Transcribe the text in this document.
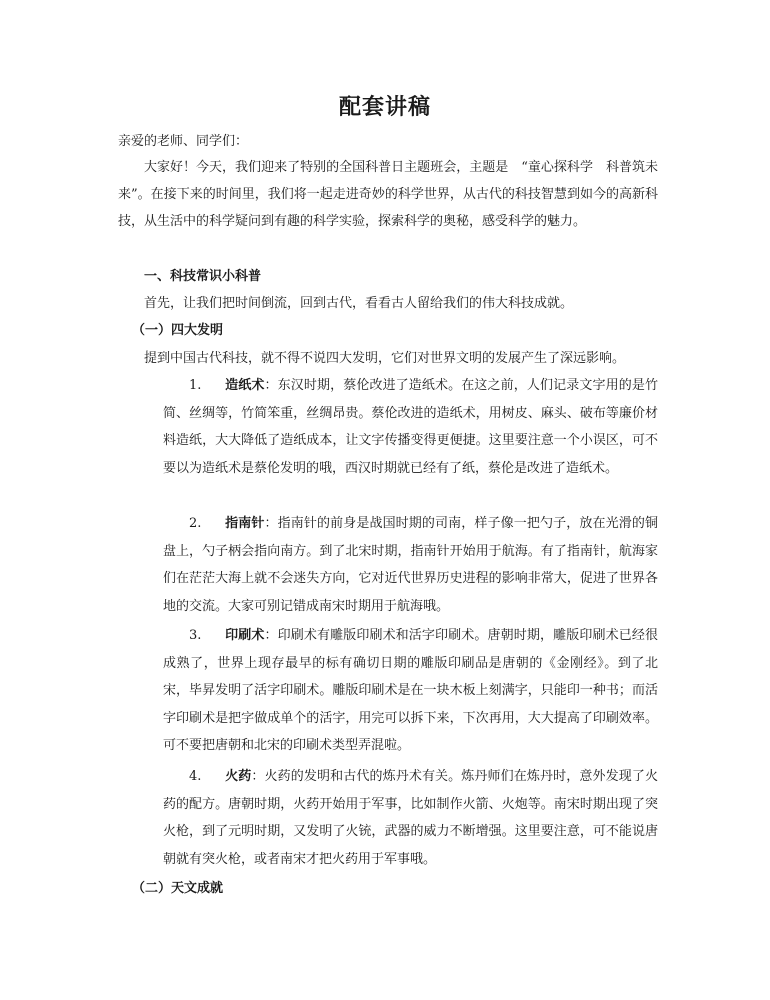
配套讲稿

亲爱的老师、同学们：

大家好！今天，我们迎来了特别的全国科普日主题班会，主题是　“童心探科学　科普筑未来”。在接下来的时间里，我们将一起走进奇妙的科学世界，从古代的科技智慧到如今的高新科技，从生活中的科学疑问到有趣的科学实验，探索科学的奥秘，感受科学的魅力。

一、科技常识小科普

首先，让我们把时间倒流，回到古代，看看古人留给我们的伟大科技成就。

（一）四大发明

提到中国古代科技，就不得不说四大发明，它们对世界文明的发展产生了深远影响。

1. 造纸术：东汉时期，蔡伦改进了造纸术。在这之前，人们记录文字用的是竹简、丝绸等，竹简笨重，丝绸昂贵。蔡伦改进的造纸术，用树皮、麻头、破布等廉价材料造纸，大大降低了造纸成本，让文字传播变得更便捷。这里要注意一个小误区，可不要以为造纸术是蔡伦发明的哦，西汉时期就已经有了纸，蔡伦是改进了造纸术。

2. 指南针：指南针的前身是战国时期的司南，样子像一把勺子，放在光滑的铜盘上，勺子柄会指向南方。到了北宋时期，指南针开始用于航海。有了指南针，航海家们在茫茫大海上就不会迷失方向，它对近代世界历史进程的影响非常大，促进了世界各地的交流。大家可别记错成南宋时期用于航海哦。

3. 印刷术：印刷术有雕版印刷术和活字印刷术。唐朝时期，雕版印刷术已经很成熟了，世界上现存最早的标有确切日期的雕版印刷品是唐朝的《金刚经》。到了北宋，毕昇发明了活字印刷术。雕版印刷术是在一块木板上刻满字，只能印一种书；而活字印刷术是把字做成单个的活字，用完可以拆下来，下次再用，大大提高了印刷效率。可不要把唐朝和北宋的印刷术类型弄混啦。

4. 火药：火药的发明和古代的炼丹术有关。炼丹师们在炼丹时，意外发现了火药的配方。唐朝时期，火药开始用于军事，比如制作火箭、火炮等。南宋时期出现了突火枪，到了元明时期，又发明了火铳，武器的威力不断增强。这里要注意，可不能说唐朝就有突火枪，或者南宋才把火药用于军事哦。

（二）天文成就
